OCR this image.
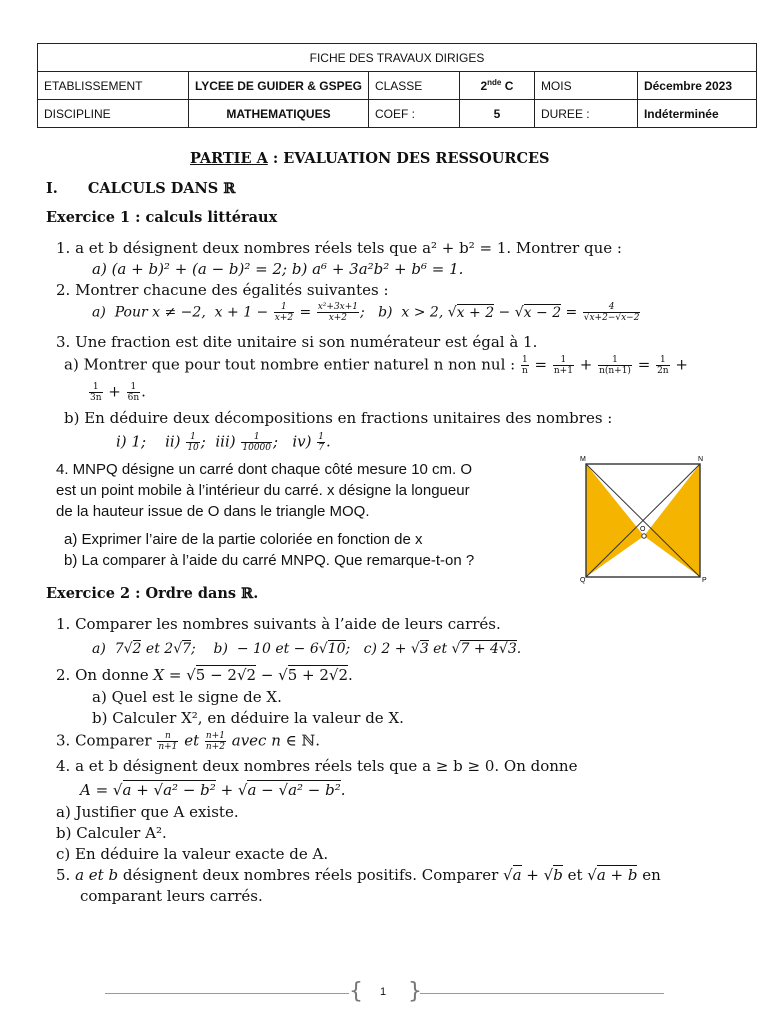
FICHE DES TRAVAUX DIRIGES					
ETABLISSEMENT	LYCEE DE GUIDER & GSPEG	CLASSE	2nde C	MOIS	Décembre 2023
DISCIPLINE	MATHEMATIQUES	COEF :	5	DUREE :	Indéterminée
PARTIE A : EVALUATION DES RESSOURCES
I. CALCULS DANS ℝ
Exercice 1 : calculs littéraux
1. a et b désignent deux nombres réels tels que a² + b² = 1. Montrer que :
a) (a + b)² + (a − b)² = 2; b) a⁶ + 3a²b² + b⁶ = 1.
2. Montrer chacune des égalités suivantes :
a)  Pour x ≠ −2,  $x + 1 - \frac{1}{x+2} = \frac{\text{x²+3x+1}}{x+2}$ ;   b)  x > 2, $√x + 2 - √x - 2 = \frac{4}{√x+2-√x-2}$
3. Une fraction est dite unitaire si son numérateur est égal à 1.
a) Montrer que pour tout nombre entier naturel n non nul : $\frac{1}{n} = \frac{1}{n+1} + \frac{1}{n(n+1)} = \frac{1}{2n}$ +
$\frac{1}{3n} + \frac{1}{6n}$ .
b) En déduire deux décompositions en fractions unitaires des nombres :
i) 1;    $ii) \frac{1}{10}$ ;  $iii) \frac{1}{10000}$ ;   $iv) \frac{1}{7}$ .
4. MNPQ désigne un carré dont chaque côté mesure 10 cm. O
est un point mobile à l’intérieur du carré. x désigne la longueur
de la hauteur issue de O dans le triangle MOQ.
a) Exprimer l’aire de la partie coloriée en fonction de x
b) La comparer à l’aide du carré MNPQ. Que remarque-t-on ?
M	N
P
Q
O
Exercice 2 : Ordre dans ℝ.
1. Comparer les nombres suivants à l’aide de leurs carrés.
a)  7√2 et 2√7;    b)  − 10 et − 6√10;   c) 2 + √3 et √7 + 4√3.
2. On donne X = √5 − 2√2 − √5 + 2√2.
a) Quel est le signe de X.
b) Calculer X², en déduire la valeur de X.
3. Comparer $\frac{n}{n+1}$ et $\frac{n+1}{n+2}$ avec n ∈ ℕ.
4. a et b désignent deux nombres réels tels que a ≥ b ≥ 0. On donne
A = √a + √a² − b² + √a − √a² − b².
a) Justifier que A existe.
b) Calculer A².
c) En déduire la valeur exacte de A.
5. a et b désignent deux nombres réels positifs. Comparer √a + √b et √a + b en
comparant leurs carrés.
{ }
1
